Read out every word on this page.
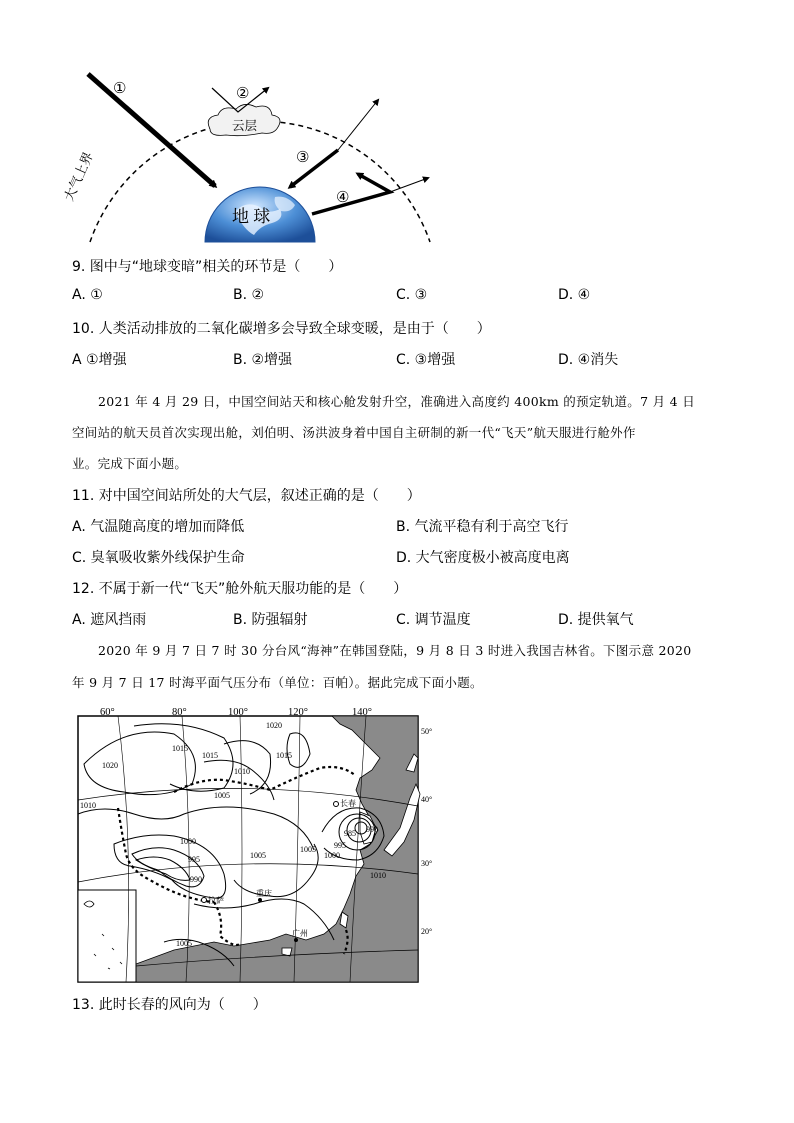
大气上界
云层
地 球
①	②
③
④
9. 图中与“地球变暗”相关的环节是（　　）
A. ①	B. ②	C. ③	D. ④
10. 人类活动排放的二氧化碳增多会导致全球变暖，是由于（　　）
A ①增强	B. ②增强	C. ③增强	D. ④消失
2021 年 4 月 29 日，中国空间站天和核心舱发射升空，准确进入高度约 400km 的预定轨道。7 月 4 日
空间站的航天员首次实现出舱，刘伯明、汤洪波身着中国自主研制的新一代“飞天”航天服进行舱外作
业。完成下面小题。
11. 对中国空间站所处的大气层，叙述正确的是（　　）
A. 气温随高度的增加而降低	B. 气流平稳有利于高空飞行
C. 臭氧吸收紫外线保护生命	D. 大气密度极小被高度电离
12. 不属于新一代“飞天”舱外航天服功能的是（　　）
A. 遮风挡雨	B. 防强辐射	C. 调节温度	D. 提供氧气
2020 年 9 月 7 日 7 时 30 分台风“海神”在韩国登陆，9 月 8 日 3 时进入我国吉林省。下图示意 2020
年 9 月 7 日 17 时海平面气压分布（单位：百帕）。据此完成下面小题。
60°	80°	100°	120°	140°
50°
40°
30°
20°
1020
1015
1015
1010
1005
1020
1015
1010
1000
995
990
1005
1005
1005
1000
985 990
995
1010
长春
拉萨
重庆
广州
13. 此时长春的风向为（　　）
